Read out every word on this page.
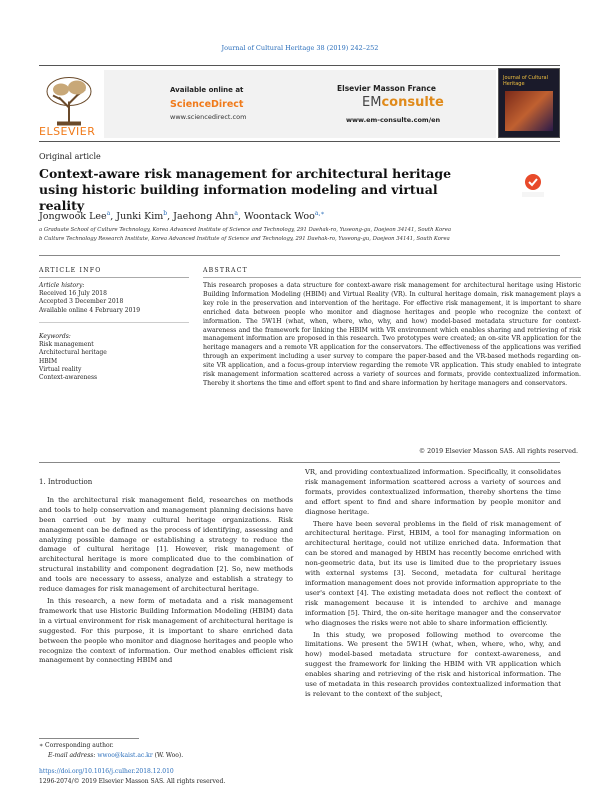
Journal of Cultural Heritage 38 (2019) 242–252
ELSEVIER
Available online at
ScienceDirect
www.sciencedirect.com
Elsevier Masson France
EMconsulte
www.em-consulte.com/en
Journal of Cultural Heritage
Original article
Context-aware risk management for architectural heritage using historic building information modeling and virtual reality
Jongwook Lee$^a$, Junki Kim$^b$, Jaehong Ahn$^a$, Woontack Woo$^{a,∗}$
a Graduate School of Culture Technology, Korea Advanced Institute of Science and Technology, 291 Daehak-ro, Yuseong-gu, Daejeon 34141, South Korea
b Culture Technology Research Institute, Korea Advanced Institute of Science and Technology, 291 Daehak-ro, Yuseong-gu, Daejeon 34141, South Korea
ARTICLE INFO
Article history:
Received 16 July 2018
Accepted 3 December 2018
Available online 4 February 2019
Keywords:
Risk management
Architectural heritage
HBIM
Virtual reality
Context-awareness
ABSTRACT
This research proposes a data structure for context-aware risk management for architectural heritage using Historic Building Information Modeling (HBIM) and Virtual Reality (VR). In cultural heritage domain, risk management plays a key role in the preservation and intervention of the heritage. For effective risk management, it is important to share enriched data between people who monitor and diagnose heritages and people who recognize the context of information. The 5W1H (what, when, where, who, why, and how) model-based metadata structure for context-awareness and the framework for linking the HBIM with VR environment which enables sharing and retrieving of risk management information are proposed in this research. Two prototypes were created; an on-site VR application for the heritage managers and a remote VR application for the conservators. The effectiveness of the applications was verified through an experiment including a user survey to compare the paper-based and the VR-based methods regarding on-site VR application, and a focus-group interview regarding the remote VR application. This study enabled to integrate risk management information scattered across a variety of sources and formats, provide contextualized information. Thereby it shortens the time and effort spent to find and share information by heritage managers and conservators.
© 2019 Elsevier Masson SAS. All rights reserved.
1. Introduction

In the architectural risk management field, researches on methods and tools to help conservation and management planning decisions have been carried out by many cultural heritage organizations. Risk management can be defined as the process of identifying, assessing and analyzing possible damage or establishing a strategy to reduce the damage of cultural heritage [1]. However, risk management of architectural heritage is more complicated due to the combination of structural instability and component degradation [2]. So, new methods and tools are necessary to assess, analyze and establish a strategy to reduce damages for risk management of architectural heritage.

In this research, a new form of metadata and a risk management framework that use Historic Building Information Modeling (HBIM) data in a virtual environment for risk management of architectural heritage is suggested. For this purpose, it is important to share enriched data between the people who monitor and diagnose heritages and people who recognize the context of information. Our method enables efficient risk management by connecting HBIM and

VR, and providing contextualized information. Specifically, it consolidates risk management information scattered across a variety of sources and formats, provides contextualized information, thereby shortens the time and effort spent to find and share information by people monitor and diagnose heritage.

There have been several problems in the field of risk management of architectural heritage. First, HBIM, a tool for managing information on architectural heritage, could not utilize enriched data. Information that can be stored and managed by HBIM has recently become enriched with non-geometric data, but its use is limited due to the proprietary issues with external systems [3]. Second, metadata for cultural heritage information management does not provide information appropriate to the user's context [4]. The existing metadata does not reflect the context of risk management because it is intended to archive and manage information [5]. Third, the on-site heritage manager and the conservator who diagnoses the risks were not able to share information efficiently.

In this study, we proposed following method to overcome the limitations. We present the 5W1H (what, when, where, who, why, and how) model-based metadata structure for context-awareness, and suggest the framework for linking the HBIM with VR application which enables sharing and retrieving of the risk and historical information. The use of metadata in this research provides contextualized information that is relevant to the context of the subject,

∗ Corresponding author.
E-mail address: wwoo@kaist.ac.kr (W. Woo).
https://doi.org/10.1016/j.culher.2018.12.010
1296-2074/© 2019 Elsevier Masson SAS. All rights reserved.
